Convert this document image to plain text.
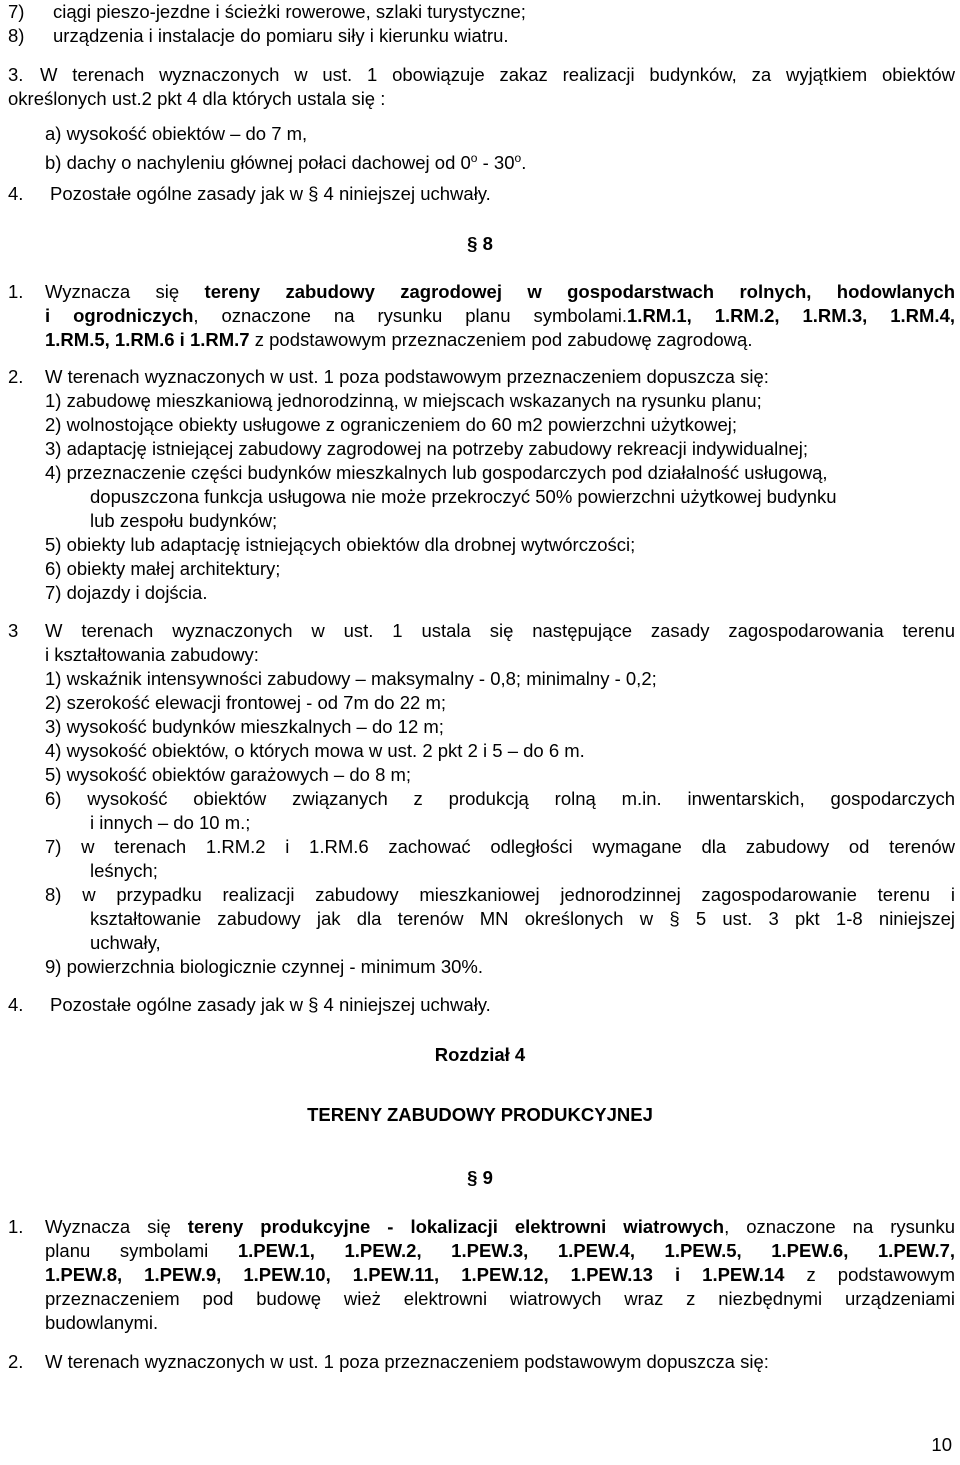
7) ciągi pieszo-jezdne i ścieżki rowerowe, szlaki turystyczne;
8) urządzenia i instalacje do pomiaru siły i kierunku wiatru.
3. W terenach wyznaczonych w ust. 1 obowiązuje zakaz realizacji budynków, za wyjątkiem obiektów
określonych ust.2 pkt 4 dla których ustala się :
a) wysokość obiektów – do 7 m,
b) dachy o nachyleniu głównej połaci dachowej od 0$^o$ - 30$^o$.
4. Pozostałe ogólne zasady jak w § 4 niniejszej uchwały.
§ 8
1. Wyznacza się tereny zabudowy zagrodowej w gospodarstwach rolnych, hodowlanych
i ogrodniczych, oznaczone na rysunku planu symbolami.1.RM.1, 1.RM.2, 1.RM.3, 1.RM.4,
1.RM.5, 1.RM.6 i 1.RM.7 z podstawowym przeznaczeniem pod zabudowę zagrodową.
2. W terenach wyznaczonych w ust. 1 poza podstawowym przeznaczeniem dopuszcza się:
1) zabudowę mieszkaniową jednorodzinną, w miejscach wskazanych na rysunku planu;
2) wolnostojące obiekty usługowe z ograniczeniem do 60 m2 powierzchni użytkowej;
3) adaptację istniejącej zabudowy zagrodowej na potrzeby zabudowy rekreacji indywidualnej;
4) przeznaczenie części budynków mieszkalnych lub gospodarczych pod działalność usługową,
dopuszczona funkcja usługowa nie może przekroczyć 50% powierzchni użytkowej budynku
lub zespołu budynków;
5) obiekty lub adaptację istniejących obiektów dla drobnej wytwórczości;
6) obiekty małej architektury;
7) dojazdy i dojścia.
3 W terenach wyznaczonych w ust. 1 ustala się następujące zasady zagospodarowania terenu
i kształtowania zabudowy:
1) wskaźnik intensywności zabudowy – maksymalny - 0,8; minimalny - 0,2;
2) szerokość elewacji frontowej - od 7m do 22 m;
3) wysokość budynków mieszkalnych – do 12 m;
4) wysokość obiektów, o których mowa w ust. 2 pkt 2 i 5 – do 6 m.
5) wysokość obiektów garażowych – do 8 m;
6) wysokość obiektów związanych z produkcją rolną m.in. inwentarskich, gospodarczych
i innych – do 10 m.;
7) w terenach 1.RM.2 i 1.RM.6 zachować odległości wymagane dla zabudowy od terenów
leśnych;
8) w przypadku realizacji zabudowy mieszkaniowej jednorodzinnej zagospodarowanie terenu i
kształtowanie zabudowy jak dla terenów MN określonych w § 5 ust. 3 pkt 1-8 niniejszej
uchwały,
9) powierzchnia biologicznie czynnej - minimum 30%.
4. Pozostałe ogólne zasady jak w § 4 niniejszej uchwały.
Rozdział 4
TERENY ZABUDOWY PRODUKCYJNEJ
§ 9
1. Wyznacza się tereny produkcyjne - lokalizacji elektrowni wiatrowych, oznaczone na rysunku
planu symbolami 1.PEW.1, 1.PEW.2, 1.PEW.3, 1.PEW.4, 1.PEW.5, 1.PEW.6, 1.PEW.7,
1.PEW.8, 1.PEW.9, 1.PEW.10, 1.PEW.11, 1.PEW.12, 1.PEW.13 i 1.PEW.14 z podstawowym
przeznaczeniem pod budowę wież elektrowni wiatrowych wraz z niezbędnymi urządzeniami
budowlanymi.
2. W terenach wyznaczonych w ust. 1 poza przeznaczeniem podstawowym dopuszcza się:
10
